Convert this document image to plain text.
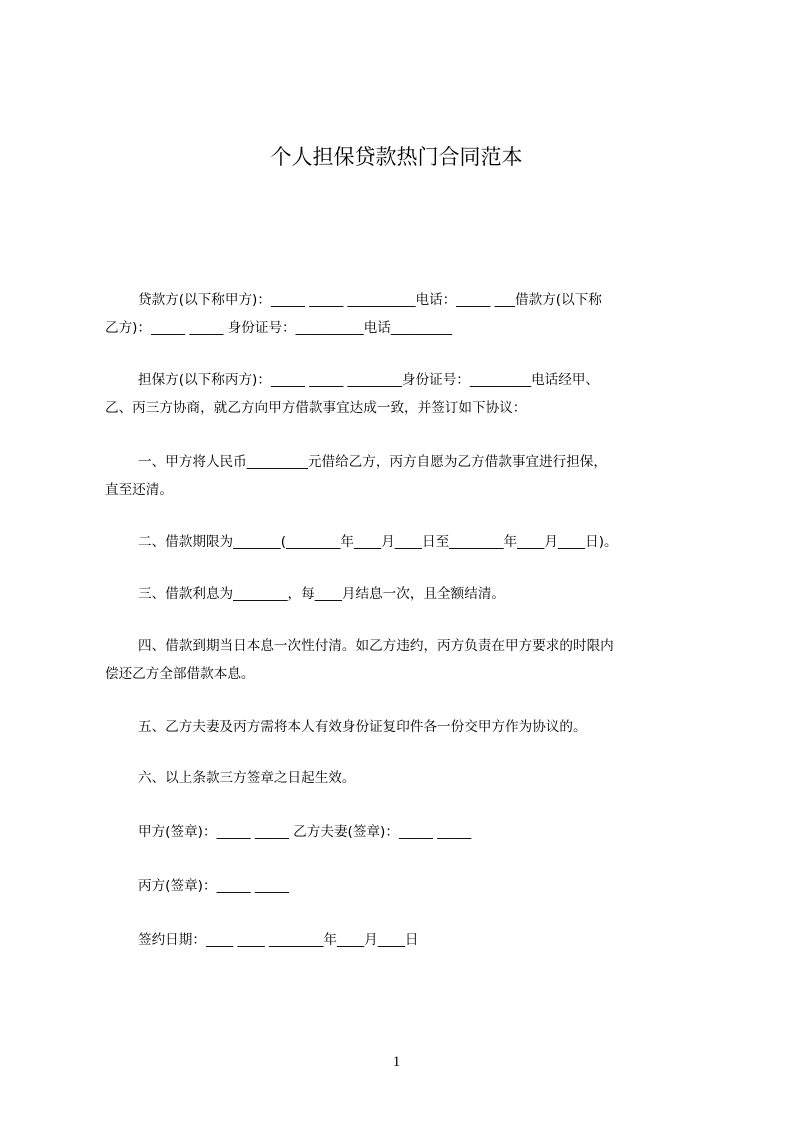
个人担保贷款热门合同范本
贷款方(以下称甲方)：_____ _____ __________电话：_____ ___借款方(以下称
乙方)：_____ _____ 身份证号：__________电话_________
担保方(以下称丙方)：_____ _____ ________身份证号：_________电话经甲、
乙、丙三方协商，就乙方向甲方借款事宜达成一致，并签订如下协议：
一、甲方将人民币_________元借给乙方，丙方自愿为乙方借款事宜进行担保，
直至还清。
二、借款期限为_______(________年____月____日至________年____月____日)。
三、借款利息为________，每____月结息一次，且全额结清。
四、借款到期当日本息一次性付清。如乙方违约，丙方负责在甲方要求的时限内
偿还乙方全部借款本息。
五、乙方夫妻及丙方需将本人有效身份证复印件各一份交甲方作为协议的。
六、以上条款三方签章之日起生效。
甲方(签章)：_____ _____ 乙方夫妻(签章)：_____ _____
丙方(签章)：_____ _____
签约日期：____ ____ ________年____月____日
1
